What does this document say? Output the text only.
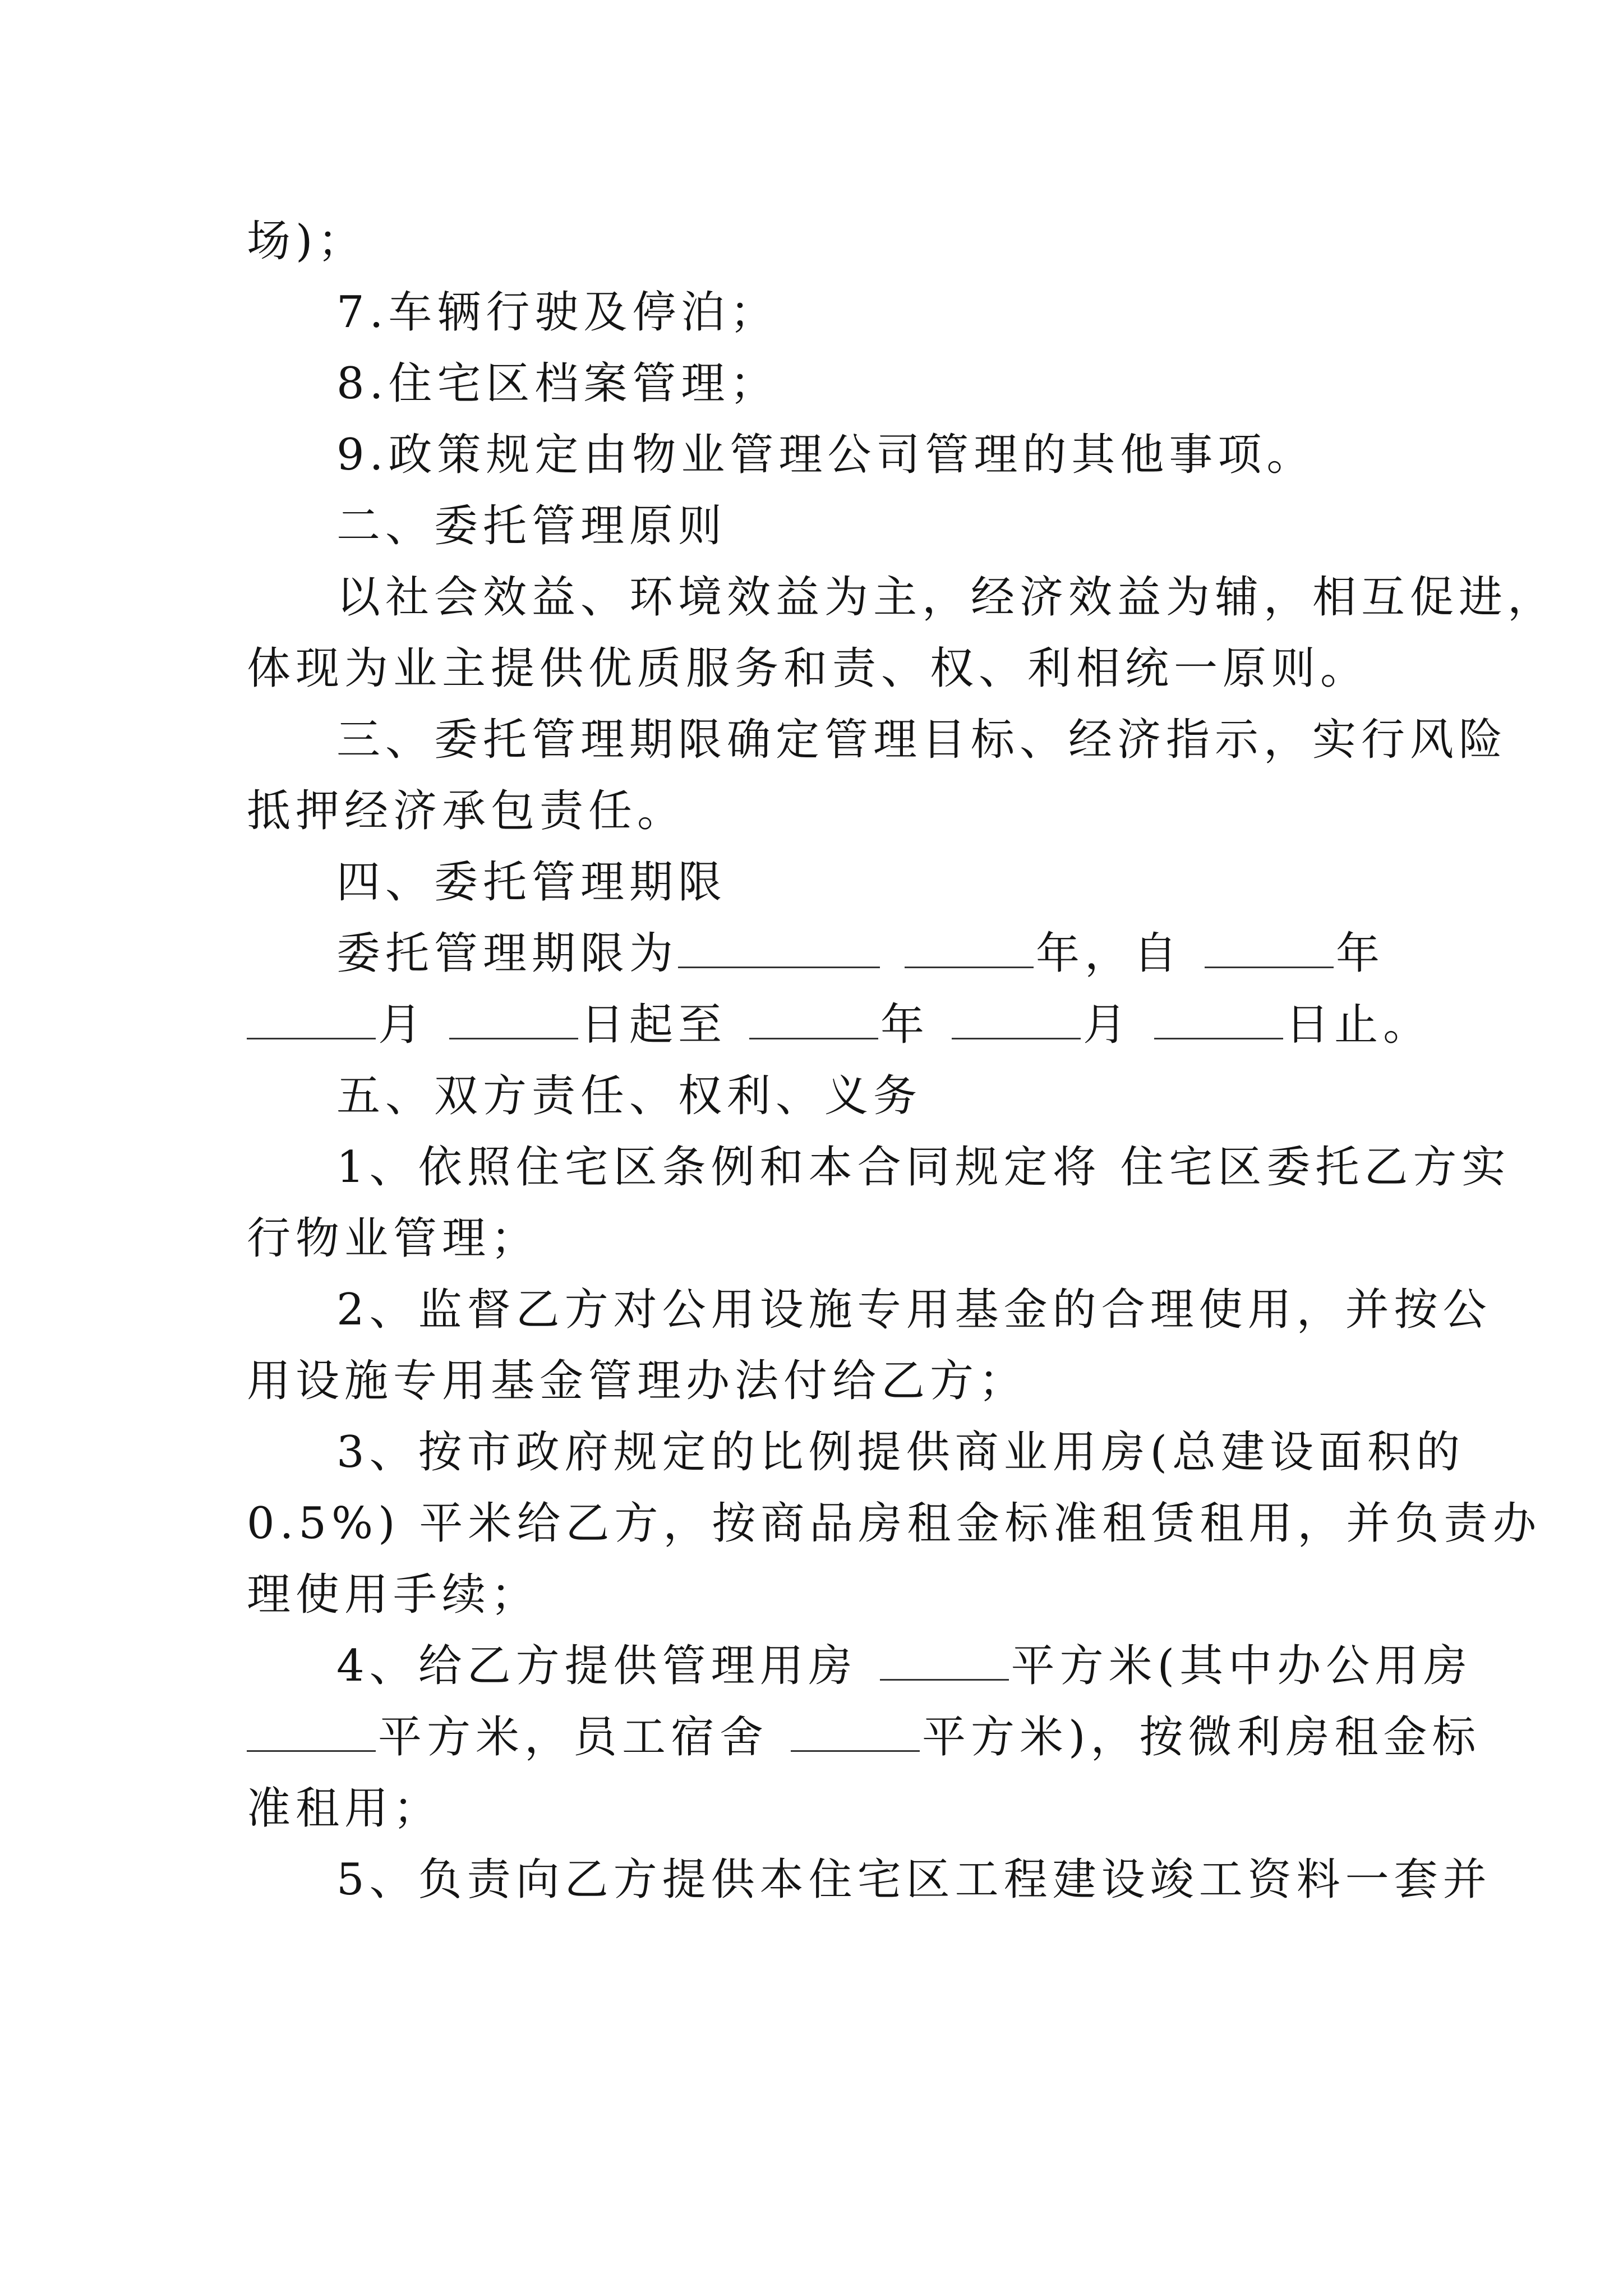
场)；
7.车辆行驶及停泊；
8.住宅区档案管理；
9.政策规定由物业管理公司管理的其他事项。
二、委托管理原则
以社会效益、环境效益为主，经济效益为辅，相互促进，
体现为业主提供优质服务和责、权、利相统一原则。
三、委托管理期限确定管理目标、经济指示，实行风险
抵押经济承包责任。
四、委托管理期限
委托管理期限为	年，自	年
月	日起至	年	月	日止。
五、双方责任、权利、义务
1、依照住宅区条例和本合同规定将 住宅区委托乙方实
行物业管理；
2、监督乙方对公用设施专用基金的合理使用，并按公
用设施专用基金管理办法付给乙方；
3、按市政府规定的比例提供商业用房(总建设面积的
0.5%) 平米给乙方，按商品房租金标准租赁租用，并负责办
理使用手续；
4、给乙方提供管理用房	平方米(其中办公用房
平方米，员工宿舍	平方米)，按微利房租金标
准租用；
5、负责向乙方提供本住宅区工程建设竣工资料一套并
